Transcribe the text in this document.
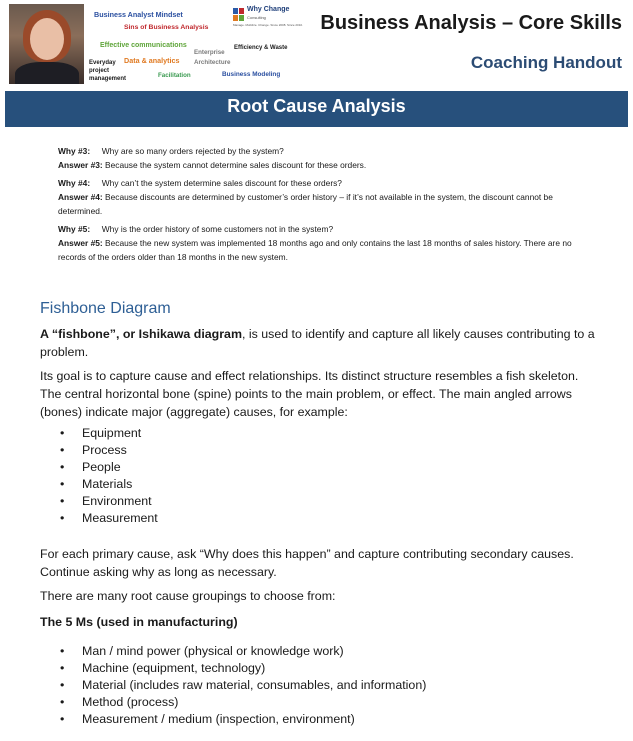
Business Analyst Mindset
Sins of Business Analysis
Effective communications
Enterprise
Architecture
Efficiency & Waste
Data & analytics
Everyday
project
management	Facilitation	Business Modeling
Why Change
Consulting
Manage. Mobilize. Change. Since 2008. Since 2010. Business Analysis – Core Skills
Coaching Handout
Root Cause Analysis

Why #3: Why are so many orders rejected by the system?

Answer #3: Because the system cannot determine sales discount for these orders.

Why #4: Why can’t the system determine sales discount for these orders?

Answer #4: Because discounts are determined by customer’s order history – if it’s not available in the system, the discount cannot be determined.

Why #5: Why is the order history of some customers not in the system?

Answer #5: Because the new system was implemented 18 months ago and only contains the last 18 months of sales history. There are no records of the orders older than 18 months in the new system.

Fishbone Diagram

A “fishbone”, or Ishikawa diagram, is used to identify and capture all likely causes contributing to a problem.

Its goal is to capture cause and effect relationships. Its distinct structure resembles a fish skeleton. The central horizontal bone (spine) points to the main problem, or effect. The main angled arrows (bones) indicate major (aggregate) causes, for example:

• Equipment
• Process
• People
• Materials
• Environment
• Measurement

For each primary cause, ask “Why does this happen” and capture contributing secondary causes. Continue asking why as long as necessary.

There are many root cause groupings to choose from:

The 5 Ms (used in manufacturing)

• Man / mind power (physical or knowledge work)
• Machine (equipment, technology)
• Material (includes raw material, consumables, and information)
• Method (process)
• Measurement / medium (inspection, environment)
